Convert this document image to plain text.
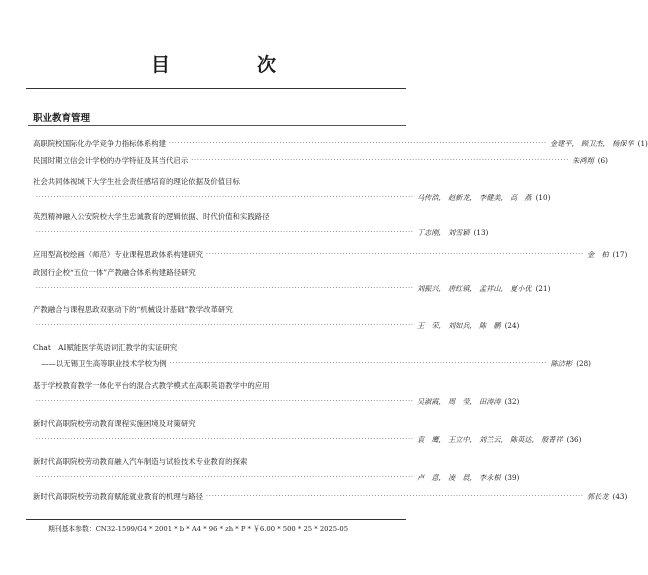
目　次
职业教育管理
高职院校国际化办学竞争力指标体系构建 ·····	金建平,　顾卫杰,　杨保华 (1)
民国时期立信会计学校的办学特征及其当代启示 ·····	朱鸿翔 (6)
社会共同体视域下大学生社会责任感培育的理论依据及价值目标
·····
马传浩,　赵新龙,　李健美,　高　燕 (10)
英烈精神融入公安院校大学生忠诚教育的逻辑依据、时代价值和实践路径
·····
丁志刚,　刘雪颖 (13)
应用型高校绘画（师范）专业课程思政体系构建研究 ·····	金　柏 (17)
政园行企校“五位一体”产教融合体系构建路径研究
·····
刘振兴,　唐红镇,　孟祥山,　夏小优 (21)
产教融合与课程思政双驱动下的“机械设计基础”教学改革研究
·····
王　荣,　刘如兵,　陈　鹏 (24)
Chat　AI赋能医学英语词汇教学的实证研究
——以无锡卫生高等职业技术学校为例 ·····	陈洁彬 (28)
基于学校教育教学一体化平台的混合式教学模式在高职英语教学中的应用
·····
吴淑霞,　周　莹,　田涛涛 (32)
新时代高职院校劳动教育课程实施困境及对策研究
·····
袁　鹰,　王立中,　刘兰云,　陈英达,　殷菁祥 (36)
新时代高职院校劳动教育融入汽车制造与试验技术专业教育的探索
·····
卢　意,　凌　晨,　李永根 (39)
新时代高职院校劳动教育赋能就业教育的机理与路径 ·····	郭长龙 (43)
期刊基本参数：CN32-1599/G4 * 2001 * b * A4 * 96 * zh * P * ￥6.00 * 500 * 25 * 2025-05
